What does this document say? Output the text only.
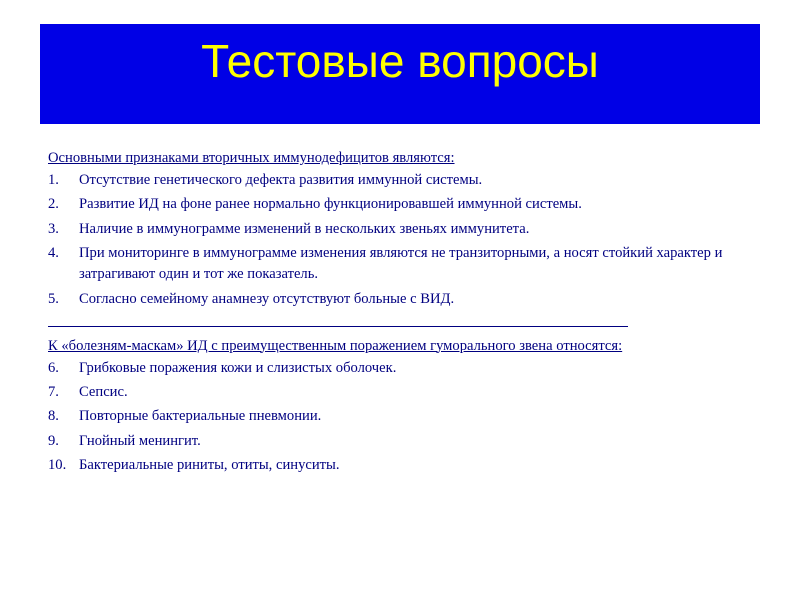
Тестовые вопросы

Основными признаками вторичных иммунодефицитов являются:

1.	Отсутствие генетического дефекта развития иммунной системы.
2.	Развитие ИД на фоне ранее нормально функционировавшей иммунной системы.
3.	Наличие в иммунограмме изменений в нескольких звеньях иммунитета.
4.	При мониторинге в иммунограмме изменения являются не транзиторными, а носят стойкий характер и затрагивают один и тот же показатель.
5.	Согласно семейному анамнезу отсутствуют больные с ВИД.

К «болезням-маскам» ИД с преимущественным поражением гуморального звена относятся:

6.	Грибковые поражения кожи и слизистых оболочек.
7.	Сепсис.
8.	Повторные бактериальные пневмонии.
9.	Гнойный менингит.
10. Бактериальные риниты, отиты, синуситы.
